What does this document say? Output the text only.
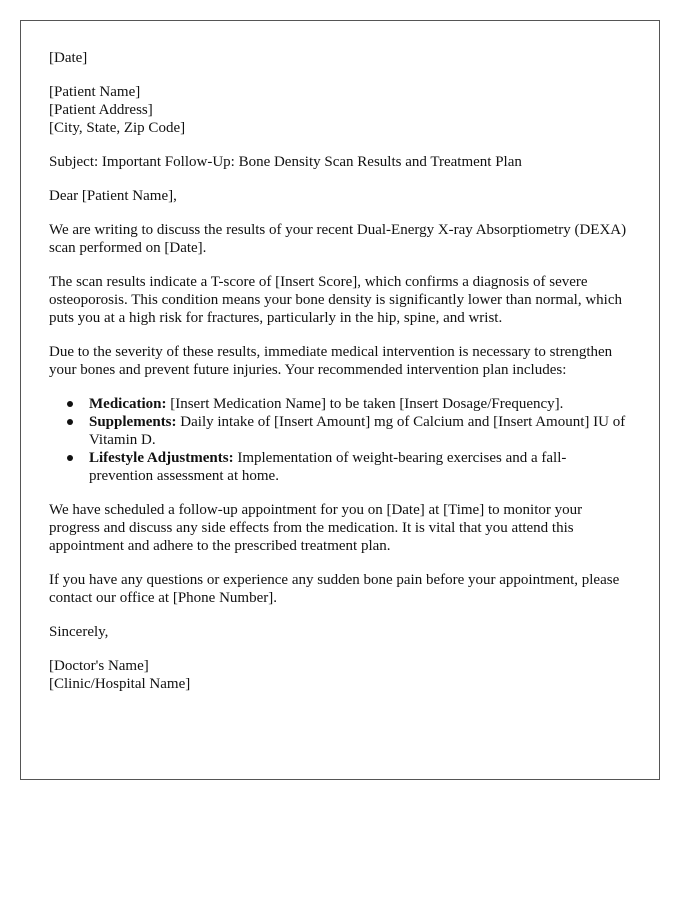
[Date]

[Patient Name]

[Patient Address]

[City, State, Zip Code]

Subject: Important Follow-Up: Bone Density Scan Results and Treatment Plan

Dear [Patient Name],

We are writing to discuss the results of your recent Dual-Energy X-ray Absorptiometry (DEXA) scan performed on [Date].

The scan results indicate a T-score of [Insert Score], which confirms a diagnosis of severe osteoporosis. This condition means your bone density is significantly lower than normal, which puts you at a high risk for fractures, particularly in the hip, spine, and wrist.

Due to the severity of these results, immediate medical intervention is necessary to strengthen your bones and prevent future injuries. Your recommended intervention plan includes:

Medication: [Insert Medication Name] to be taken [Insert Dosage/Frequency].
Supplements: Daily intake of [Insert Amount] mg of Calcium and [Insert Amount] IU of Vitamin D.
Lifestyle Adjustments: Implementation of weight-bearing exercises and a fall-prevention assessment at home.

We have scheduled a follow-up appointment for you on [Date] at [Time] to monitor your progress and discuss any side effects from the medication. It is vital that you attend this appointment and adhere to the prescribed treatment plan.

If you have any questions or experience any sudden bone pain before your appointment, please contact our office at [Phone Number].

Sincerely,

[Doctor's Name]

[Clinic/Hospital Name]
